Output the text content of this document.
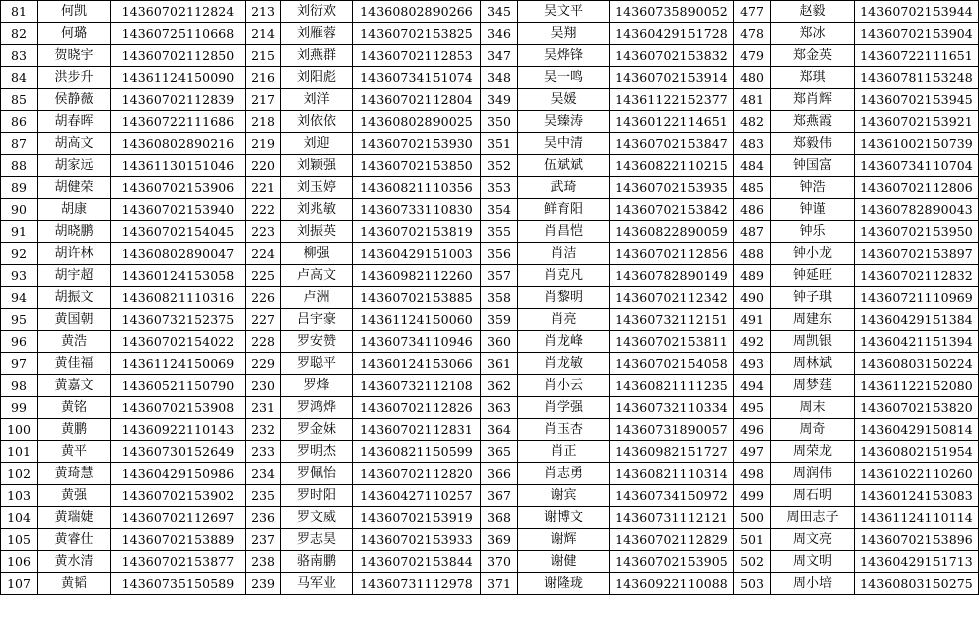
81	何凯	14360702112824	213	刘衍欢	14360802890266	345	吴文平	14360735890052	477	赵毅	14360702153944
82	何璐	14360725110668	214	刘雁蓉	14360702153825	346	吴翔	14360429151728	478	郑冰	14360702153904
83	贺晓宇	14360702112850	215	刘燕群	14360702112853	347	吴烨锋	14360702153832	479	郑金英	14360722111651
84	洪步升	14361124150090	216	刘阳彪	14360734151074	348	吴一鸣	14360702153914	480	郑琪	14360781153248
85	侯静薇	14360702112839	217	刘洋	14360702112804	349	吴媛	14361122152377	481	郑肖辉	14360702153945
86	胡春晖	14360722111686	218	刘依依	14360802890025	350	吴臻涛	14360122114651	482	郑燕霞	14360702153921
87	胡高文	14360802890216	219	刘迎	14360702153930	351	吴中清	14360702153847	483	郑毅伟	14361002150739
88	胡家远	14361130151046	220	刘颖强	14360702153850	352	伍斌斌	14360822110215	484	钟国富	14360734110704
89	胡健荣	14360702153906	221	刘玉婷	14360821110356	353	武琦	14360702153935	485	钟浩	14360702112806
90	胡康	14360702153940	222	刘兆敏	14360733110830	354	鲜育阳	14360702153842	486	钟谨	14360782890043
91	胡晓鹏	14360702154045	223	刘振英	14360702153819	355	肖昌恺	14360822890059	487	钟乐	14360702153950
92	胡许林	14360802890047	224	柳强	14360429151003	356	肖洁	14360702112856	488	钟小龙	14360702153897
93	胡宇超	14360124153058	225	卢高文	14360982112260	357	肖克凡	14360782890149	489	钟延旺	14360702112832
94	胡振文	14360821110316	226	卢洲	14360702153885	358	肖黎明	14360702112342	490	钟子琪	14360721110969
95	黄国朝	14360732152375	227	吕宇豪	14361124150060	359	肖亮	14360732112151	491	周建东	14360429151384
96	黄浩	14360702154022	228	罗安赞	14360734110946	360	肖龙峰	14360702153811	492	周凯银	14360421151394
97	黄佳福	14361124150069	229	罗聪平	14360124153066	361	肖龙敏	14360702154058	493	周林斌	14360803150224
98	黄嘉文	14360521150790	230	罗烽	14360732112108	362	肖小云	14360821111235	494	周梦莛	14361122152080
99	黄铭	14360702153908	231	罗鸿烨	14360702112826	363	肖学强	14360732110334	495	周末	14360702153820
100	黄鹏	14360922110143	232	罗金妹	14360702112831	364	肖玉杏	14360731890057	496	周奇	14360429150814
101	黄平	14360730152649	233	罗明杰	14360821150599	365	肖正	14360982151727	497	周荣龙	14360802151954
102	黄琦慧	14360429150986	234	罗佩怡	14360702112820	366	肖志勇	14360821110314	498	周润伟	14361022110260
103	黄强	14360702153902	235	罗时阳	14360427110257	367	谢宾	14360734150972	499	周石明	14360124153083
104	黄瑞婕	14360702112697	236	罗文威	14360702153919	368	谢博文	14360731112121	500	周田志子	14361124110114
105	黄睿仕	14360702153889	237	罗志昊	14360702153933	369	谢辉	14360702112829	501	周文亮	14360702153896
106	黄水清	14360702153877	238	骆南鹏	14360702153844	370	谢健	14360702153905	502	周文明	14360429151713
107	黄韬	14360735150589	239	马军业	14360731112978	371	谢隆珑	14360922110088	503	周小培	14360803150275
